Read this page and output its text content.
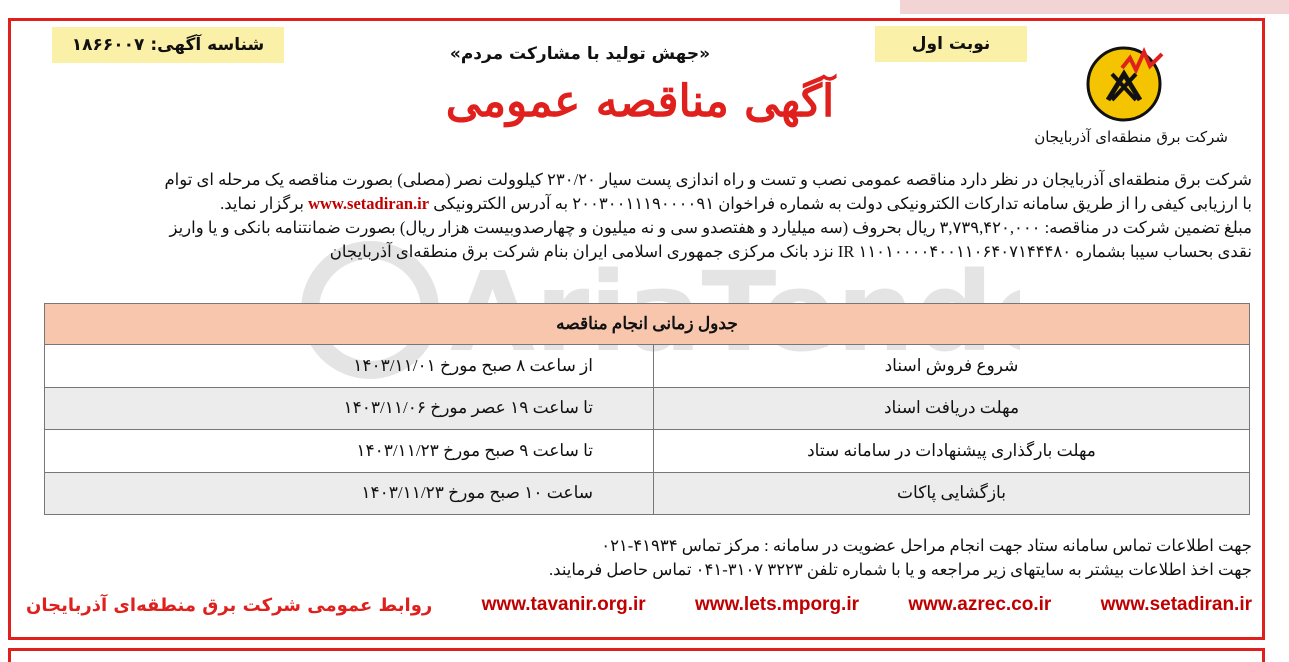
شناسه آگهی: ۱۸۶۶۰۰۷	نوبت اول
شرکت برق منطقه‌ای آذربایجان
«جهش تولید با مشارکت مردم»
آگهی مناقصه عمومی
شرکت برق منطقه‌ای آذربایجان در نظر دارد مناقصه عمومی نصب و تست و راه اندازی پست سیار ۲۳۰/۲۰ کیلوولت نصر (مصلی) بصورت مناقصه یک مرحله ای توام
با ارزیابی کیفی را از طریق سامانه تدارکات الکترونیکی دولت به شماره فراخوان ۲۰۰۳۰۰۱۱۱۹۰۰۰۰۹۱ به آدرس الکترونیکی www.setadiran.ir برگزار نماید.
مبلغ تضمین شرکت در مناقصه: ۳,۷۳۹,۴۲۰,۰۰۰ ریال بحروف (سه میلیارد و هفتصدو سی و نه میلیون و چهارصدوبیست هزار ریال) بصورت ضمانتنامه بانکی و یا واریز
نقدی بحساب سیبا بشماره IR ۱۱۰۱۰۰۰۰۴۰۰۱۱۰۶۴۰۷۱۴۴۴۸۰ نزد بانک مرکزی جمهوری اسلامی ایران بنام شرکت برق منطقه‌ای آذربایجان
جدول زمانی انجام مناقصه	
شروع فروش اسناد	از ساعت ۸ صبح مورخ ۱۴۰۳/۱۱/۰۱
مهلت دریافت اسناد	تا ساعت ۱۹ عصر مورخ ۱۴۰۳/۱۱/۰۶
مهلت بارگذاری پیشنهادات در سامانه ستاد	تا ساعت ۹ صبح مورخ ۱۴۰۳/۱۱/۲۳
بازگشایی پاکات	ساعت ۱۰ صبح مورخ ۱۴۰۳/۱۱/۲۳
جهت اطلاعات تماس سامانه ستاد جهت انجام مراحل عضویت در سامانه : مرکز تماس ۴۱۹۳۴-۰۲۱
جهت اخذ اطلاعات بیشتر به سایتهای زیر مراجعه و یا با شماره تلفن ۳۲۲۳ ۳۱۰۷-۰۴۱ تماس حاصل فرمایند.
www.setadiran.ir
www.azrec.co.ir
www.lets.mporg.ir
www.tavanir.org.ir
روابط عمومی شرکت برق منطقه‌ای آذربایجان
